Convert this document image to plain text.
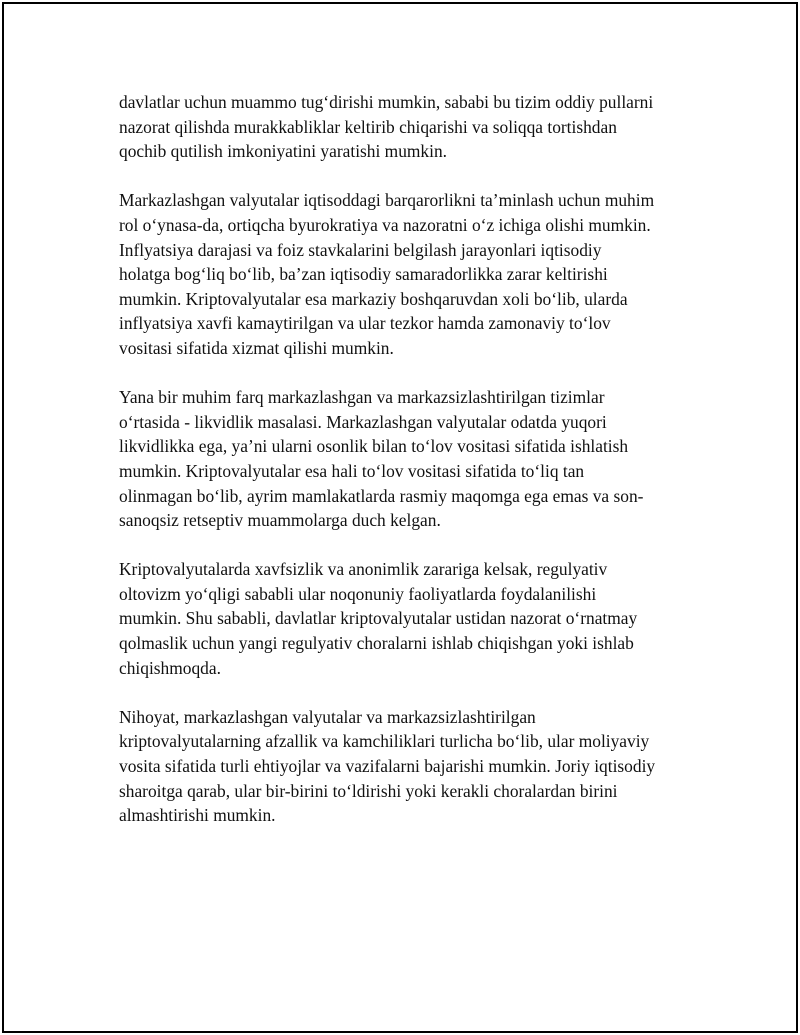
davlatlar uchun muammo tug‘dirishi mumkin, sababi bu tizim oddiy pullarni
nazorat qilishda murakkabliklar keltirib chiqarishi va soliqqa tortishdan
qochib qutilish imkoniyatini yaratishi mumkin.

Markazlashgan valyutalar iqtisoddagi barqarorlikni ta’minlash uchun muhim
rol o‘ynasa-da, ortiqcha byurokratiya va nazoratni o‘z ichiga olishi mumkin.
Inflyatsiya darajasi va foiz stavkalarini belgilash jarayonlari iqtisodiy
holatga bog‘liq bo‘lib, ba’zan iqtisodiy samaradorlikka zarar keltirishi
mumkin. Kriptovalyutalar esa markaziy boshqaruvdan xoli bo‘lib, ularda
inflyatsiya xavfi kamaytirilgan va ular tezkor hamda zamonaviy to‘lov
vositasi sifatida xizmat qilishi mumkin.

Yana bir muhim farq markazlashgan va markazsizlashtirilgan tizimlar
o‘rtasida - likvidlik masalasi. Markazlashgan valyutalar odatda yuqori
likvidlikka ega, ya’ni ularni osonlik bilan to‘lov vositasi sifatida ishlatish
mumkin. Kriptovalyutalar esa hali to‘lov vositasi sifatida to‘liq tan
olinmagan bo‘lib, ayrim mamlakatlarda rasmiy maqomga ega emas va son-
sanoqsiz retseptiv muammolarga duch kelgan.

Kriptovalyutalarda xavfsizlik va anonimlik zarariga kelsak, regulyativ
oltovizm yo‘qligi sababli ular noqonuniy faoliyatlarda foydalanilishi
mumkin. Shu sababli, davlatlar kriptovalyutalar ustidan nazorat o‘rnatmay
qolmaslik uchun yangi regulyativ choralarni ishlab chiqishgan yoki ishlab
chiqishmoqda.

Nihoyat, markazlashgan valyutalar va markazsizlashtirilgan
kriptovalyutalarning afzallik va kamchiliklari turlicha bo‘lib, ular moliyaviy
vosita sifatida turli ehtiyojlar va vazifalarni bajarishi mumkin. Joriy iqtisodiy
sharoitga qarab, ular bir-birini to‘ldirishi yoki kerakli choralardan birini
almashtirishi mumkin.
